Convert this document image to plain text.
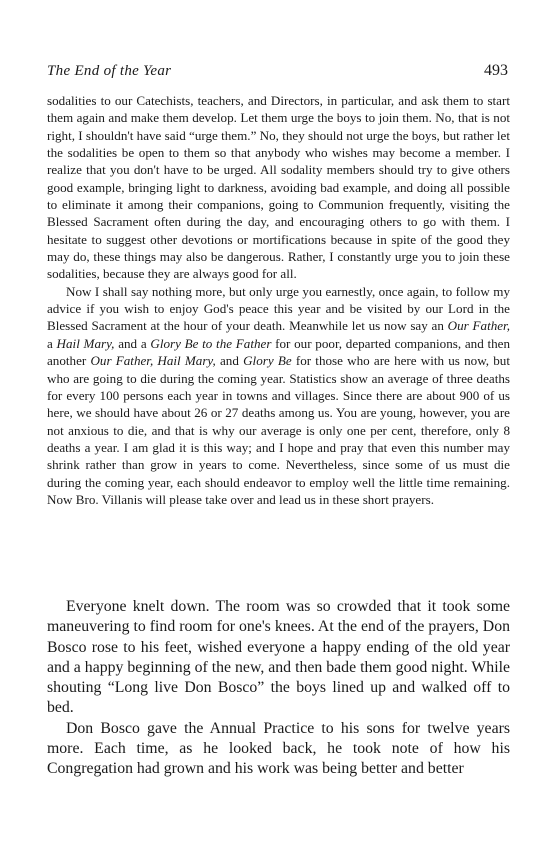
The End of the Year	493

sodalities to our Catechists, teachers, and Directors, in particular, and ask them to start them again and make them develop. Let them urge the boys to join them. No, that is not right, I shouldn't have said “urge them.” No, they should not urge the boys, but rather let the sodalities be open to them so that anybody who wishes may become a member. I realize that you don't have to be urged. All sodality members should try to give others good example, bringing light to darkness, avoiding bad example, and doing all possible to eliminate it among their companions, going to Communion frequently, visiting the Blessed Sacrament often during the day, and encouraging others to go with them. I hesitate to suggest other devotions or mortifications because in spite of the good they may do, these things may also be dangerous. Rather, I constantly urge you to join these sodalities, because they are always good for all.

Now I shall say nothing more, but only urge you earnestly, once again, to follow my advice if you wish to enjoy God's peace this year and be visited by our Lord in the Blessed Sacrament at the hour of your death. Meanwhile let us now say an Our Father, a Hail Mary, and a Glory Be to the Father for our poor, departed companions, and then another Our Father, Hail Mary, and Glory Be for those who are here with us now, but who are going to die during the coming year. Statistics show an average of three deaths for every 100 persons each year in towns and villages. Since there are about 900 of us here, we should have about 26 or 27 deaths among us. You are young, however, you are not anxious to die, and that is why our average is only one per cent, therefore, only 8 deaths a year. I am glad it is this way; and I hope and pray that even this number may shrink rather than grow in years to come. Nevertheless, since some of us must die during the coming year, each should endeavor to employ well the little time remaining. Now Bro. Villanis will please take over and lead us in these short prayers.

Everyone knelt down. The room was so crowded that it took some maneuvering to find room for one's knees. At the end of the prayers, Don Bosco rose to his feet, wished everyone a happy ending of the old year and a happy beginning of the new, and then bade them good night. While shouting “Long live Don Bosco” the boys lined up and walked off to bed.

Don Bosco gave the Annual Practice to his sons for twelve years more. Each time, as he looked back, he took note of how his Congregation had grown and his work was being better and better
